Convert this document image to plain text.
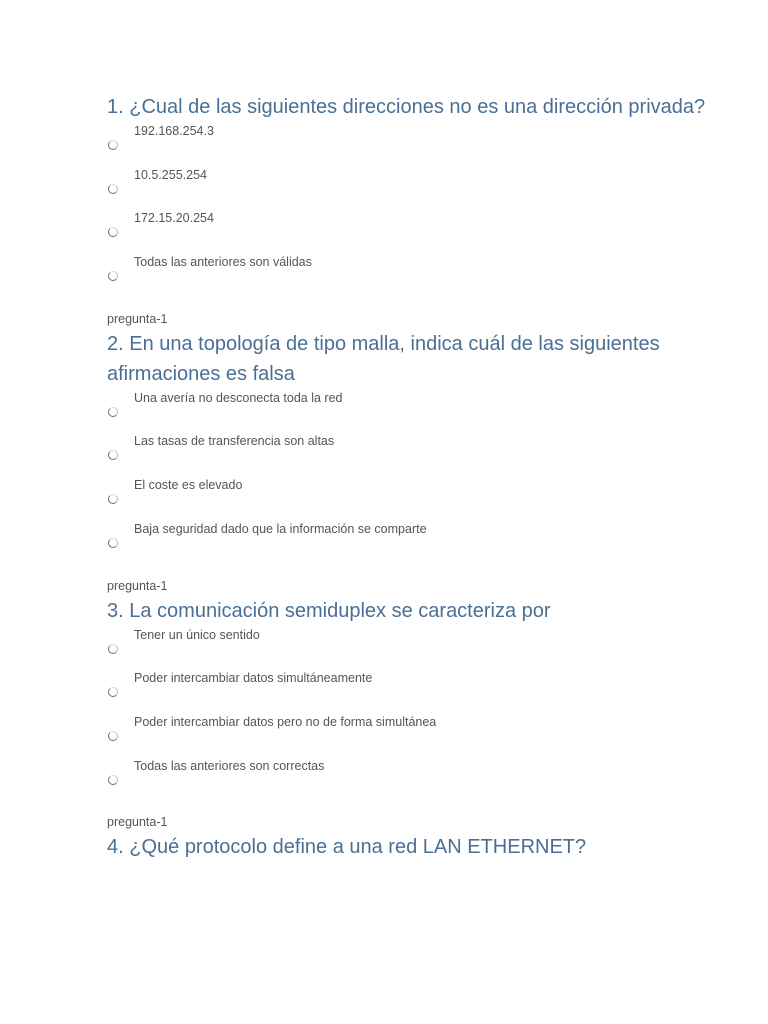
1. ¿Cual de las siguientes direcciones no es una dirección privada?
192.168.254.3
10.5.255.254
172.15.20.254
Todas las anteriores son válidas

pregunta-1

2. En una topología de tipo malla, indica cuál de las siguientes afirmaciones es falsa
Una avería no desconecta toda la red
Las tasas de transferencia son altas
El coste es elevado
Baja seguridad dado que la información se comparte

pregunta-1

3. La comunicación semiduplex se caracteriza por
Tener un único sentido
Poder intercambiar datos simultáneamente
Poder intercambiar datos pero no de forma simultánea
Todas las anteriores son correctas

pregunta-1

4. ¿Qué protocolo define a una red LAN ETHERNET?
